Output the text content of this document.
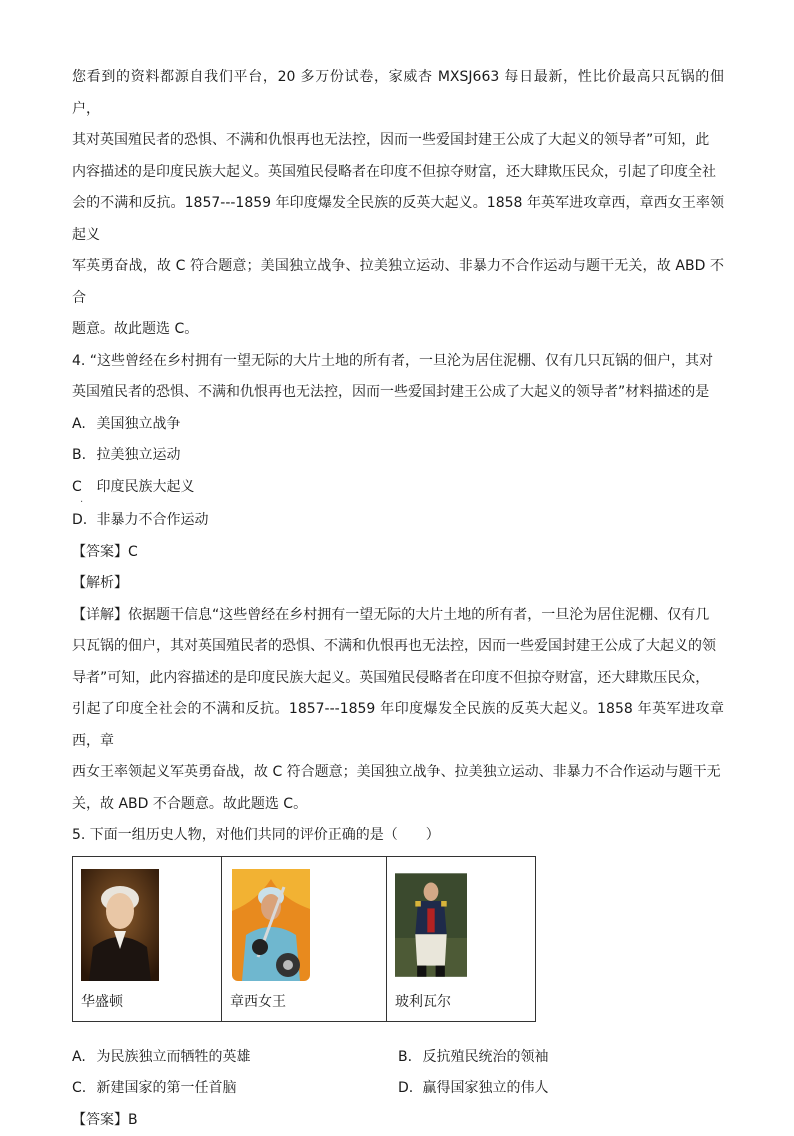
您看到的资料都源自我们平台，20 多万份试卷，家威杏 MXSJ663 每日最新，性比价最高只瓦锅的佃户，

其对英国殖民者的恐惧、不满和仇恨再也无法控，因而一些爱国封建王公成了大起义的领导者”可知，此

内容描述的是印度民族大起义。英国殖民侵略者在印度不但掠夺财富，还大肆欺压民众，引起了印度全社

会的不满和反抗。1857---1859 年印度爆发全民族的反英大起义。1858 年英军进攻章西，章西女王率领起义

军英勇奋战，故 C 符合题意；美国独立战争、拉美独立运动、非暴力不合作运动与题干无关，故 ABD 不合

题意。故此题选 C。

4. “这些曾经在乡村拥有一望无际的大片土地的所有者，一旦沦为居住泥棚、仅有几只瓦锅的佃户，其对

英国殖民者的恐惧、不满和仇恨再也无法控，因而一些爱国封建王公成了大起义的领导者”材料描述的是

A. 美国独立战争
B. 拉美独立运动
C 印度民族大起义
.
D. 非暴力不合作运动
【答案】C
【解析】

【详解】依据题干信息“这些曾经在乡村拥有一望无际的大片土地的所有者，一旦沦为居住泥棚、仅有几

只瓦锅的佃户，其对英国殖民者的恐惧、不满和仇恨再也无法控，因而一些爱国封建王公成了大起义的领

导者”可知，此内容描述的是印度民族大起义。英国殖民侵略者在印度不但掠夺财富，还大肆欺压民众，

引起了印度全社会的不满和反抗。1857---1859 年印度爆发全民族的反英大起义。1858 年英军进攻章西，章

西女王率领起义军英勇奋战，故 C 符合题意；美国独立战争、拉美独立运动、非暴力不合作运动与题干无

关，故 ABD 不合题意。故此题选 C。

5. 下面一组历史人物，对他们共同的评价正确的是（　　）

华盛顿	章西女王	玻利瓦尔
A. 为民族独立而牺牲的英雄	B. 反抗殖民统治的领袖
C. 新建国家的第一任首脑	D. 赢得国家独立的伟人
【答案】B
